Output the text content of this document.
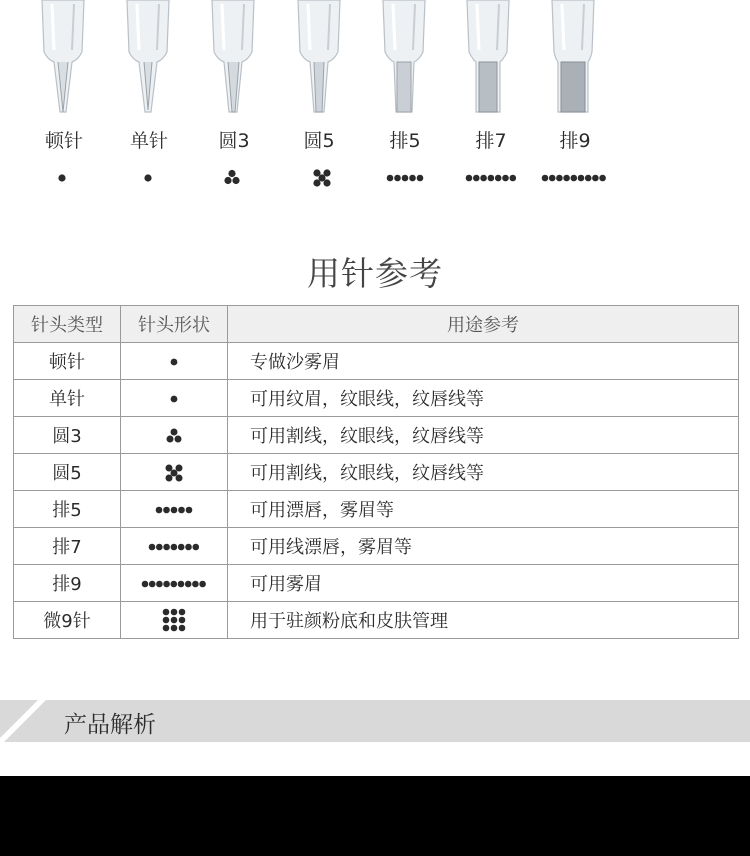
顿针	单针	圆3	圆5	排5	排7	排9
用针参考
针头类型	针头形状	用途参考
顿针		专做沙雾眉
单针		可用纹眉，纹眼线，纹唇线等
圆3		可用割线，纹眼线，纹唇线等
圆5		可用割线，纹眼线，纹唇线等
排5		可用漂唇，雾眉等
排7		可用线漂唇，雾眉等
排9		可用雾眉
微9针		用于驻颜粉底和皮肤管理
产品解析
